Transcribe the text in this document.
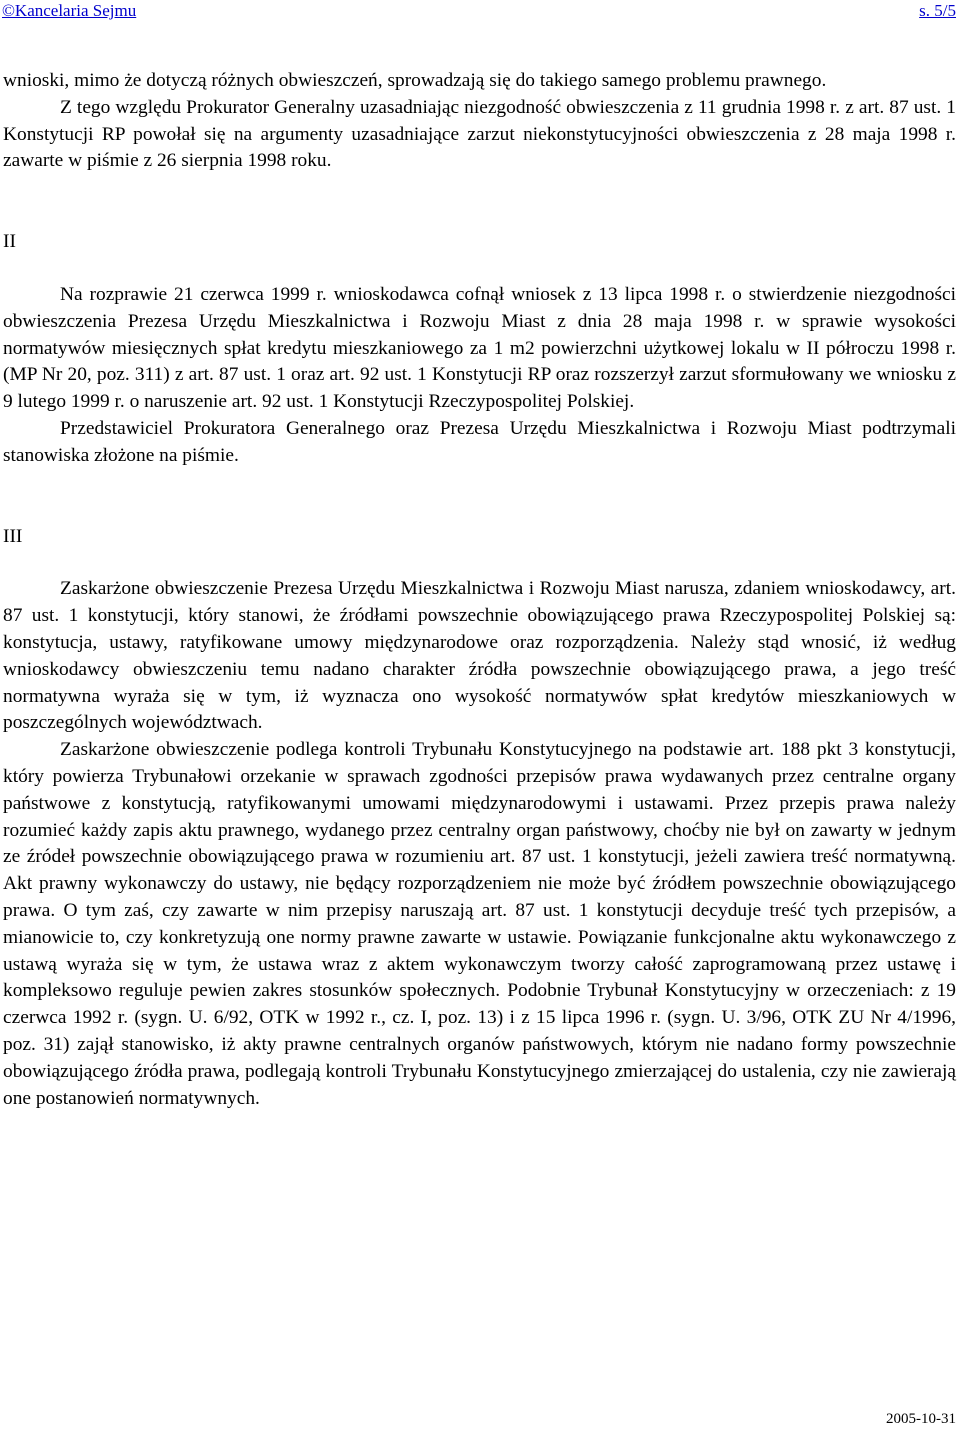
©Kancelaria Sejmu	s. 5/5

wnioski, mimo że dotyczą różnych obwieszczeń, sprowadzają się do takiego samego problemu prawnego.

Z tego względu Prokurator Generalny uzasadniając niezgodność obwieszczenia z 11 grudnia 1998 r. z art. 87 ust. 1 Konstytucji RP powołał się na argumenty uzasadniające zarzut niekonstytucyjności obwieszczenia z 28 maja 1998 r. zawarte w piśmie z 26 sierpnia 1998 roku.

II

Na rozprawie 21 czerwca 1999 r. wnioskodawca cofnął wniosek z 13 lipca 1998 r. o stwierdzenie niezgodności obwieszczenia Prezesa Urzędu Mieszkalnictwa i Rozwoju Miast z dnia 28 maja 1998 r. w sprawie wysokości normatywów miesięcznych spłat kredytu mieszkaniowego za 1 m2 powierzchni użytkowej lokalu w II półroczu 1998 r. (MP Nr 20, poz. 311) z art. 87 ust. 1 oraz art. 92 ust. 1 Konstytucji RP oraz rozszerzył zarzut sformułowany we wniosku z 9 lutego 1999 r. o naruszenie art. 92 ust. 1 Konstytucji Rzeczypospolitej Polskiej.

Przedstawiciel Prokuratora Generalnego oraz Prezesa Urzędu Mieszkalnictwa i Rozwoju Miast podtrzymali stanowiska złożone na piśmie.

III

Zaskarżone obwieszczenie Prezesa Urzędu Mieszkalnictwa i Rozwoju Miast narusza, zdaniem wnioskodawcy, art. 87 ust. 1 konstytucji, który stanowi, że źródłami powszechnie obowiązującego prawa Rzeczypospolitej Polskiej są: konstytucja, ustawy, ratyfikowane umowy międzynarodowe oraz rozporządzenia. Należy stąd wnosić, iż według wnioskodawcy obwieszczeniu temu nadano charakter źródła powszechnie obowiązującego prawa, a jego treść normatywna wyraża się w tym, iż wyznacza ono wysokość normatywów spłat kredytów mieszkaniowych w poszczególnych województwach.

Zaskarżone obwieszczenie podlega kontroli Trybunału Konstytucyjnego na podstawie art. 188 pkt 3 konstytucji, który powierza Trybunałowi orzekanie w sprawach zgodności przepisów prawa wydawanych przez centralne organy państwowe z konstytucją, ratyfikowanymi umowami międzynarodowymi i ustawami. Przez przepis prawa należy rozumieć każdy zapis aktu prawnego, wydanego przez centralny organ państwowy, choćby nie był on zawarty w jednym ze źródeł powszechnie obowiązującego prawa w rozumieniu art. 87 ust. 1 konstytucji, jeżeli zawiera treść normatywną. Akt prawny wykonawczy do ustawy, nie będący rozporządzeniem nie może być źródłem powszechnie obowiązującego prawa. O tym zaś, czy zawarte w nim przepisy naruszają art. 87 ust. 1 konstytucji decyduje treść tych przepisów, a mianowicie to, czy konkretyzują one normy prawne zawarte w ustawie. Powiązanie funkcjonalne aktu wykonawczego z ustawą wyraża się w tym, że ustawa wraz z aktem wykonawczym tworzy całość zaprogramowaną przez ustawę i kompleksowo reguluje pewien zakres stosunków społecznych. Podobnie Trybunał Konstytucyjny w orzeczeniach: z 19 czerwca 1992 r. (sygn. U. 6/92, OTK w 1992 r., cz. I, poz. 13) i z 15 lipca 1996 r. (sygn. U. 3/96, OTK ZU Nr 4/1996, poz. 31) zajął stanowisko, iż akty prawne centralnych organów państwowych, którym nie nadano formy powszechnie obowiązującego źródła prawa, podlegają kontroli Trybunału Konstytucyjnego zmierzającej do ustalenia, czy nie zawierają one postanowień normatywnych.

2005-10-31
